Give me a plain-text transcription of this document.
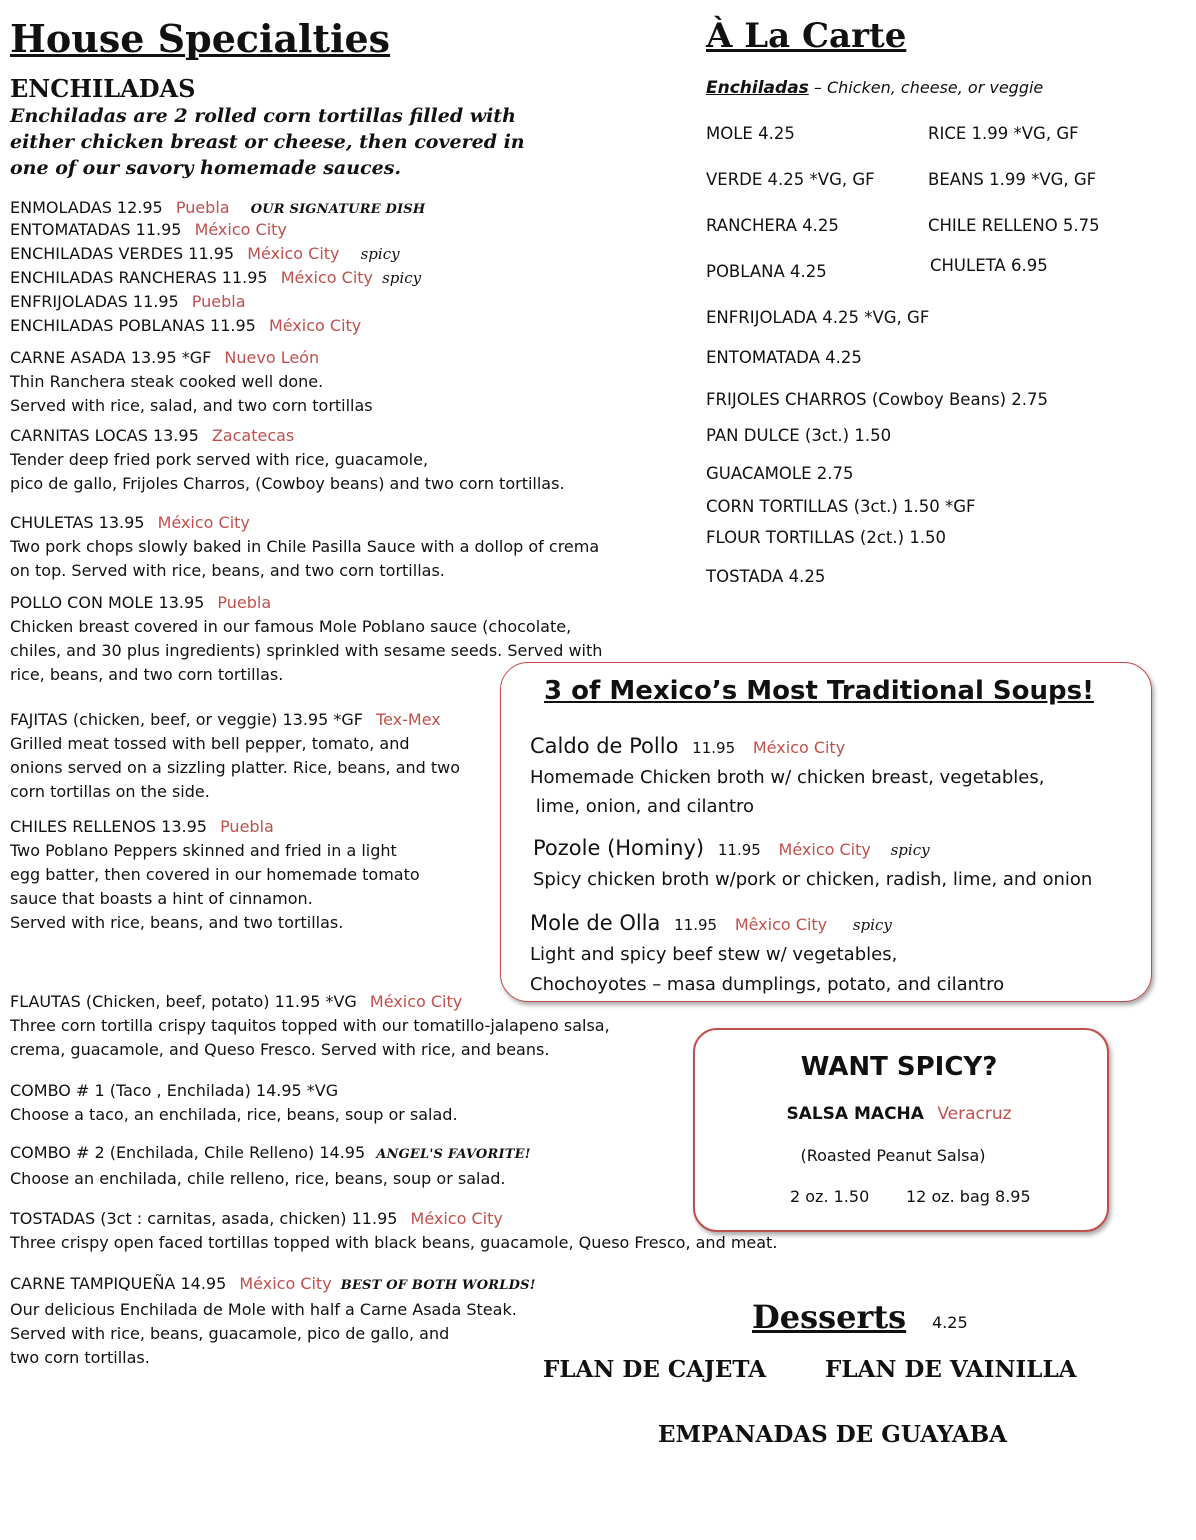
House Specialties
ENCHILADAS
Enchiladas are 2 rolled corn tortillas filled with
either chicken breast or cheese, then covered in
one of our savory homemade sauces.
ENMOLADAS 12.95 Puebla OUR SIGNATURE DISH
ENTOMATADAS 11.95 México City
ENCHILADAS VERDES 11.95 México City spicy
ENCHILADAS RANCHERAS 11.95 México City spicy
ENFRIJOLADAS 11.95 Puebla
ENCHILADAS POBLANAS 11.95 México City
CARNE ASADA 13.95 *GF Nuevo León
Thin Ranchera steak cooked well done.
Served with rice, salad, and two corn tortillas
CARNITAS LOCAS 13.95 Zacatecas
Tender deep fried pork served with rice, guacamole,
pico de gallo, Frijoles Charros, (Cowboy beans) and two corn tortillas.
CHULETAS 13.95 México City
Two pork chops slowly baked in Chile Pasilla Sauce with a dollop of crema
on top. Served with rice, beans, and two corn tortillas.
POLLO CON MOLE 13.95 Puebla
Chicken breast covered in our famous Mole Poblano sauce (chocolate,
chiles, and 30 plus ingredients) sprinkled with sesame seeds. Served with
rice, beans, and two corn tortillas.
FAJITAS (chicken, beef, or veggie) 13.95 *GF Tex-Mex
Grilled meat tossed with bell pepper, tomato, and
onions served on a sizzling platter. Rice, beans, and two
corn tortillas on the side.
CHILES RELLENOS 13.95 Puebla
Two Poblano Peppers skinned and fried in a light
egg batter, then covered in our homemade tomato
sauce that boasts a hint of cinnamon.
Served with rice, beans, and two tortillas.
FLAUTAS (Chicken, beef, potato) 11.95 *VG México City
Three corn tortilla crispy taquitos topped with our tomatillo-jalapeno salsa,
crema, guacamole, and Queso Fresco. Served with rice, and beans.
COMBO # 1 (Taco , Enchilada) 14.95 *VG
Choose a taco, an enchilada, rice, beans, soup or salad.
COMBO # 2 (Enchilada, Chile Relleno) 14.95 ANGEL'S FAVORITE!
Choose an enchilada, chile relleno, rice, beans, soup or salad.
TOSTADAS (3ct : carnitas, asada, chicken) 11.95 México City
Three crispy open faced tortillas topped with black beans, guacamole, Queso Fresco, and meat.
CARNE TAMPIQUEÑA 14.95 México City BEST OF BOTH WORLDS!
Our delicious Enchilada de Mole with half a Carne Asada Steak.
Served with rice, beans, guacamole, pico de gallo, and
two corn tortillas.
À La Carte
Enchiladas – Chicken, cheese, or veggie
MOLE 4.25
VERDE 4.25 *VG, GF
RANCHERA 4.25
POBLANA 4.25
RICE 1.99 *VG, GF
BEANS 1.99 *VG, GF
CHILE RELLENO 5.75
CHULETA 6.95
ENFRIJOLADA 4.25 *VG, GF
ENTOMATADA 4.25
FRIJOLES CHARROS (Cowboy Beans) 2.75
PAN DULCE (3ct.) 1.50
GUACAMOLE 2.75
CORN TORTILLAS (3ct.) 1.50 *GF
FLOUR TORTILLAS (2ct.) 1.50
TOSTADA 4.25
3 of Mexico’s Most Traditional Soups!
Caldo de Pollo 11.95 México City
Homemade Chicken broth w/ chicken breast, vegetables,
lime, onion, and cilantro
Pozole (Hominy) 11.95 México City spicy
Spicy chicken broth w/pork or chicken, radish, lime, and onion
Mole de Olla 11.95 Mêxico City spicy
Light and spicy beef stew w/ vegetables,
Chochoyotes – masa dumplings, potato, and cilantro
WANT SPICY?
SALSA MACHA Veracruz
(Roasted Peanut Salsa)
2 oz. 1.50 12 oz. bag 8.95
Desserts 4.25
FLAN DE CAJETA	FLAN DE VAINILLA
EMPANADAS DE GUAYABA
